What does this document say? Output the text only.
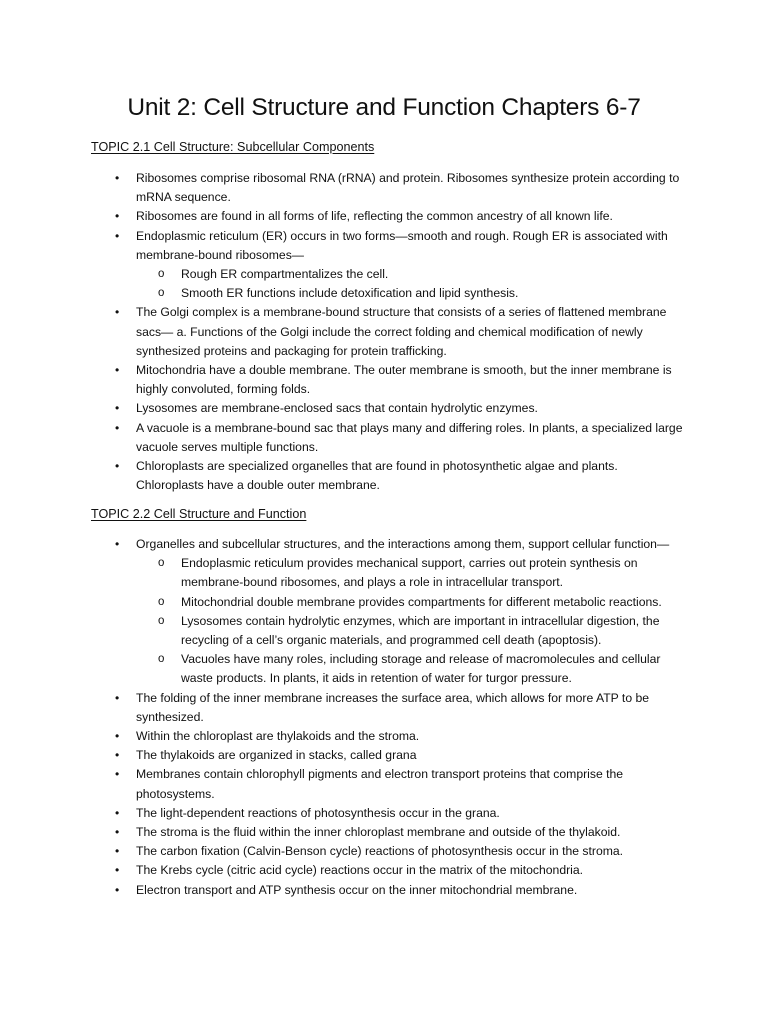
Unit 2: Cell Structure and Function Chapters 6-7
TOPIC 2.1 Cell Structure: Subcellular Components
• Ribosomes comprise ribosomal RNA (rRNA) and protein. Ribosomes synthesize protein according to mRNA sequence.
• Ribosomes are found in all forms of life, reflecting the common ancestry of all known life.
• Endoplasmic reticulum (ER) occurs in two forms—smooth and rough. Rough ER is associated with membrane-bound ribosomes—
o Rough ER compartmentalizes the cell.
o Smooth ER functions include detoxification and lipid synthesis.
• The Golgi complex is a membrane-bound structure that consists of a series of flattened membrane sacs— a. Functions of the Golgi include the correct folding and chemical modification of newly synthesized proteins and packaging for protein trafficking.
• Mitochondria have a double membrane. The outer membrane is smooth, but the inner membrane is highly convoluted, forming folds.
• Lysosomes are membrane-enclosed sacs that contain hydrolytic enzymes.
• A vacuole is a membrane-bound sac that plays many and differing roles. In plants, a specialized large vacuole serves multiple functions.
• Chloroplasts are specialized organelles that are found in photosynthetic algae and plants. Chloroplasts have a double outer membrane.
TOPIC 2.2 Cell Structure and Function
• Organelles and subcellular structures, and the interactions among them, support cellular function—
o Endoplasmic reticulum provides mechanical support, carries out protein synthesis on membrane-bound ribosomes, and plays a role in intracellular transport.
o Mitochondrial double membrane provides compartments for different metabolic reactions.
o Lysosomes contain hydrolytic enzymes, which are important in intracellular digestion, the recycling of a cell’s organic materials, and programmed cell death (apoptosis).
o Vacuoles have many roles, including storage and release of macromolecules and cellular waste products. In plants, it aids in retention of water for turgor pressure.
• The folding of the inner membrane increases the surface area, which allows for more ATP to be synthesized.
• Within the chloroplast are thylakoids and the stroma.
• The thylakoids are organized in stacks, called grana
• Membranes contain chlorophyll pigments and electron transport proteins that comprise the photosystems.
• The light-dependent reactions of photosynthesis occur in the grana.
• The stroma is the fluid within the inner chloroplast membrane and outside of the thylakoid.
• The carbon fixation (Calvin-Benson cycle) reactions of photosynthesis occur in the stroma.
• The Krebs cycle (citric acid cycle) reactions occur in the matrix of the mitochondria.
• Electron transport and ATP synthesis occur on the inner mitochondrial membrane.
